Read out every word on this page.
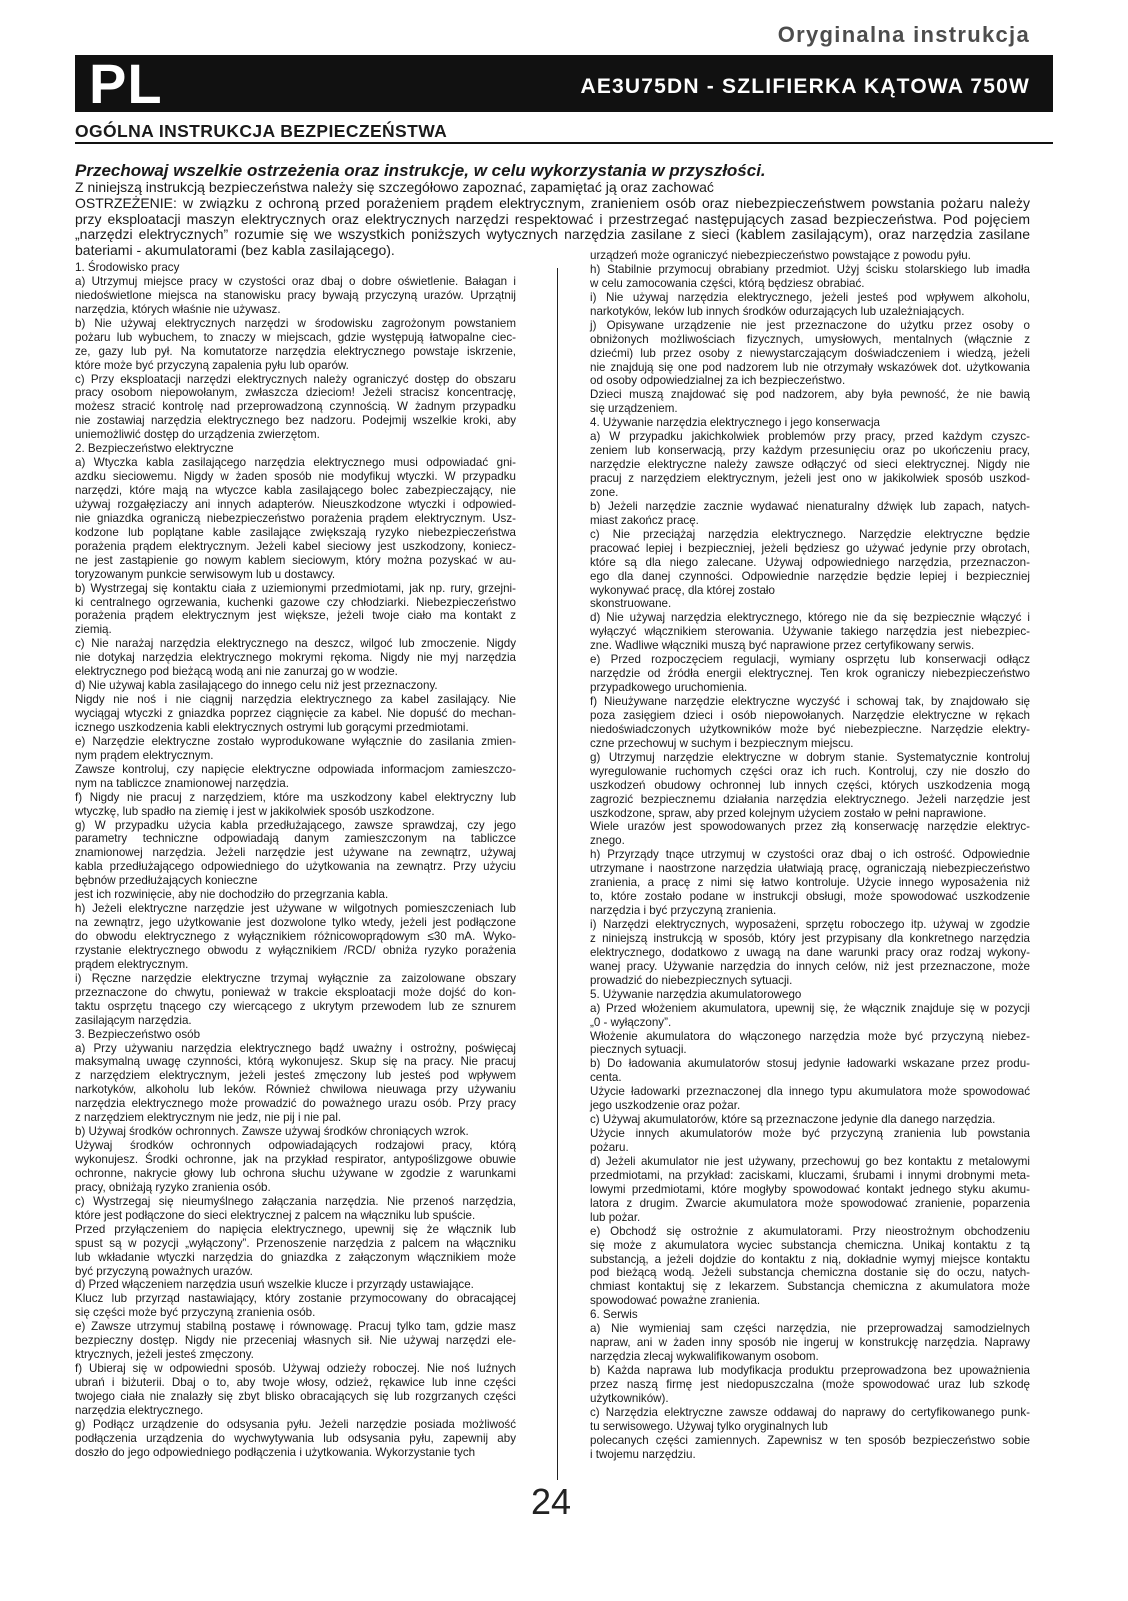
Oryginalna instrukcja
PL	AE3U75DN - SZLIFIERKA KĄTOWA 750W
OGÓLNA INSTRUKCJA BEZPIECZEŃSTWA
Przechowaj wszelkie ostrzeżenia oraz instrukcje, w celu wykorzystania w przyszłości.
Z niniejszą instrukcją bezpieczeństwa należy się szczegółowo zapoznać, zapamiętać ją oraz zachować
OSTRZEŻENIE: w związku z ochroną przed porażeniem prądem elektrycznym, zranieniem osób oraz niebezpieczeństwem powstania pożaru należy
przy eksploatacji maszyn elektrycznych oraz elektrycznych narzędzi respektować i przestrzegać następujących zasad bezpieczeństwa. Pod pojęciem
„narzędzi elektrycznych” rozumie się we wszystkich poniższych wytycznych narzędzia zasilane z sieci (kablem zasilającym), oraz narzędzia zasilane
bateriami - akumulatorami (bez kabla zasilającego).
1. Środowisko pracy
a) Utrzymuj miejsce pracy w czystości oraz dbaj o dobre oświetlenie. Bałagan i
niedoświetlone miejsca na stanowisku pracy bywają przyczyną urazów. Uprzątnij
narzędzia, których właśnie nie używasz.
b) Nie używaj elektrycznych narzędzi w środowisku zagrożonym powstaniem
pożaru lub wybuchem, to znaczy w miejscach, gdzie występują łatwopalne ciec-
ze, gazy lub pył. Na komutatorze narzędzia elektrycznego powstaje iskrzenie,
które może być przyczyną zapalenia pyłu lub oparów.
c) Przy eksploatacji narzędzi elektrycznych należy ograniczyć dostęp do obszaru
pracy osobom niepowołanym, zwłaszcza dzieciom! Jeżeli stracisz koncentrację,
możesz stracić kontrolę nad przeprowadzoną czynnością. W żadnym przypadku
nie zostawiaj narzędzia elektrycznego bez nadzoru. Podejmij wszelkie kroki, aby
uniemożliwić dostęp do urządzenia zwierzętom.
2. Bezpieczeństwo elektryczne
a) Wtyczka kabla zasilającego narzędzia elektrycznego musi odpowiadać gni-
azdku sieciowemu. Nigdy w żaden sposób nie modyfikuj wtyczki. W przypadku
narzędzi, które mają na wtyczce kabla zasilającego bolec zabezpieczający, nie
używaj rozgałęziaczy ani innych adapterów. Nieuszkodzone wtyczki i odpowied-
nie gniazdka ograniczą niebezpieczeństwo porażenia prądem elektrycznym. Usz-
kodzone lub poplątane kable zasilające zwiększają ryzyko niebezpieczeństwa
porażenia prądem elektrycznym. Jeżeli kabel sieciowy jest uszkodzony, koniecz-
ne jest zastąpienie go nowym kablem sieciowym, który można pozyskać w au-
toryzowanym punkcie serwisowym lub u dostawcy.
b) Wystrzegaj się kontaktu ciała z uziemionymi przedmiotami, jak np. rury, grzejni-
ki centralnego ogrzewania, kuchenki gazowe czy chłodziarki. Niebezpieczeństwo
porażenia prądem elektrycznym jest większe, jeżeli twoje ciało ma kontakt z
ziemią.
c) Nie narażaj narzędzia elektrycznego na deszcz, wilgoć lub zmoczenie. Nigdy
nie dotykaj narzędzia elektrycznego mokrymi rękoma. Nigdy nie myj narzędzia
elektrycznego pod bieżącą wodą ani nie zanurzaj go w wodzie.
d) Nie używaj kabla zasilającego do innego celu niż jest przeznaczony.
Nigdy nie noś i nie ciągnij narzędzia elektrycznego za kabel zasilający. Nie
wyciągaj wtyczki z gniazdka poprzez ciągnięcie za kabel. Nie dopuść do mechan-
icznego uszkodzenia kabli elektrycznych ostrymi lub gorącymi przedmiotami.
e) Narzędzie elektryczne zostało wyprodukowane wyłącznie do zasilania zmien-
nym prądem elektrycznym.
Zawsze kontroluj, czy napięcie elektryczne odpowiada informacjom zamieszczo-
nym na tabliczce znamionowej narzędzia.
f) Nigdy nie pracuj z narzędziem, które ma uszkodzony kabel elektryczny lub
wtyczkę, lub spadło na ziemię i jest w jakikolwiek sposób uszkodzone.
g) W przypadku użycia kabla przedłużającego, zawsze sprawdzaj, czy jego
parametry techniczne odpowiadają danym zamieszczonym na tabliczce
znamionowej narzędzia. Jeżeli narzędzie jest używane na zewnątrz, używaj
kabla przedłużającego odpowiedniego do użytkowania na zewnątrz. Przy użyciu
bębnów przedłużających konieczne
jest ich rozwinięcie, aby nie dochodziło do przegrzania kabla.
h) Jeżeli elektryczne narzędzie jest używane w wilgotnych pomieszczeniach lub
na zewnątrz, jego użytkowanie jest dozwolone tylko wtedy, jeżeli jest podłączone
do obwodu elektrycznego z wyłącznikiem różnicowoprądowym ≤30 mA. Wyko-
rzystanie elektrycznego obwodu z wyłącznikiem /RCD/ obniża ryzyko porażenia
prądem elektrycznym.
i) Ręczne narzędzie elektryczne trzymaj wyłącznie za zaizolowane obszary
przeznaczone do chwytu, ponieważ w trakcie eksploatacji może dojść do kon-
taktu osprzętu tnącego czy wiercącego z ukrytym przewodem lub ze sznurem
zasilającym narzędzia.
3. Bezpieczeństwo osób
a) Przy używaniu narzędzia elektrycznego bądź uważny i ostrożny, poświęcaj
maksymalną uwagę czynności, którą wykonujesz. Skup się na pracy. Nie pracuj
z narzędziem elektrycznym, jeżeli jesteś zmęczony lub jesteś pod wpływem
narkotyków, alkoholu lub leków. Również chwilowa nieuwaga przy używaniu
narzędzia elektrycznego może prowadzić do poważnego urazu osób. Przy pracy
z narzędziem elektrycznym nie jedz, nie pij i nie pal.
b) Używaj środków ochronnych. Zawsze używaj środków chroniących wzrok.
Używaj środków ochronnych odpowiadających rodzajowi pracy, którą
wykonujesz. Środki ochronne, jak na przykład respirator, antypoślizgowe obuwie
ochronne, nakrycie głowy lub ochrona słuchu używane w zgodzie z warunkami
pracy, obniżają ryzyko zranienia osób.
c) Wystrzegaj się nieumyślnego załączania narzędzia. Nie przenoś narzędzia,
które jest podłączone do sieci elektrycznej z palcem na włączniku lub spuście.
Przed przyłączeniem do napięcia elektrycznego, upewnij się że włącznik lub
spust są w pozycji „wyłączony”. Przenoszenie narzędzia z palcem na włączniku
lub wkładanie wtyczki narzędzia do gniazdka z załączonym włącznikiem może
być przyczyną poważnych urazów.
d) Przed włączeniem narzędzia usuń wszelkie klucze i przyrządy ustawiające.
Klucz lub przyrząd nastawiający, który zostanie przymocowany do obracającej
się części może być przyczyną zranienia osób.
e) Zawsze utrzymuj stabilną postawę i równowagę. Pracuj tylko tam, gdzie masz
bezpieczny dostęp. Nigdy nie przeceniaj własnych sił. Nie używaj narzędzi ele-
ktrycznych, jeżeli jesteś zmęczony.
f) Ubieraj się w odpowiedni sposób. Używaj odzieży roboczej. Nie noś luźnych
ubrań i biżuterii. Dbaj o to, aby twoje włosy, odzież, rękawice lub inne części
twojego ciała nie znalazły się zbyt blisko obracających się lub rozgrzanych części
narzędzia elektrycznego.
g) Podłącz urządzenie do odsysania pyłu. Jeżeli narzędzie posiada możliwość
podłączenia urządzenia do wychwytywania lub odsysania pyłu, zapewnij aby
doszło do jego odpowiedniego podłączenia i użytkowania. Wykorzystanie tych
urządzeń może ograniczyć niebezpieczeństwo powstające z powodu pyłu.
h) Stabilnie przymocuj obrabiany przedmiot. Użyj ścisku stolarskiego lub imadła
w celu zamocowania części, którą będziesz obrabiać.
i) Nie używaj narzędzia elektrycznego, jeżeli jesteś pod wpływem alkoholu,
narkotyków, leków lub innych środków odurzających lub uzależniających.
j) Opisywane urządzenie nie jest przeznaczone do użytku przez osoby o
obniżonych możliwościach fizycznych, umysłowych, mentalnych (włącznie z
dziećmi) lub przez osoby z niewystarczającym doświadczeniem i wiedzą, jeżeli
nie znajdują się one pod nadzorem lub nie otrzymały wskazówek dot. użytkowania
od osoby odpowiedzialnej za ich bezpieczeństwo.
Dzieci muszą znajdować się pod nadzorem, aby była pewność, że nie bawią
się urządzeniem.
4. Używanie narzędzia elektrycznego i jego konserwacja
a) W przypadku jakichkolwiek problemów przy pracy, przed każdym czyszc-
zeniem lub konserwacją, przy każdym przesunięciu oraz po ukończeniu pracy,
narzędzie elektryczne należy zawsze odłączyć od sieci elektrycznej. Nigdy nie
pracuj z narzędziem elektrycznym, jeżeli jest ono w jakikolwiek sposób uszkod-
zone.
b) Jeżeli narzędzie zacznie wydawać nienaturalny dźwięk lub zapach, natych-
miast zakończ pracę.
c) Nie przeciążaj narzędzia elektrycznego. Narzędzie elektryczne będzie
pracować lepiej i bezpieczniej, jeżeli będziesz go używać jedynie przy obrotach,
które są dla niego zalecane. Używaj odpowiedniego narzędzia, przeznaczon-
ego dla danej czynności. Odpowiednie narzędzie będzie lepiej i bezpieczniej
wykonywać pracę, dla której zostało
skonstruowane.
d) Nie używaj narzędzia elektrycznego, którego nie da się bezpiecznie włączyć i
wyłączyć włącznikiem sterowania. Używanie takiego narzędzia jest niebezpiec-
zne. Wadliwe włączniki muszą być naprawione przez certyfikowany serwis.
e) Przed rozpoczęciem regulacji, wymiany osprzętu lub konserwacji odłącz
narzędzie od źródła energii elektrycznej. Ten krok ograniczy niebezpieczeństwo
przypadkowego uruchomienia.
f) Nieużywane narzędzie elektryczne wyczyść i schowaj tak, by znajdowało się
poza zasięgiem dzieci i osób niepowołanych. Narzędzie elektryczne w rękach
niedoświadczonych użytkowników może być niebezpieczne. Narzędzie elektry-
czne przechowuj w suchym i bezpiecznym miejscu.
g) Utrzymuj narzędzie elektryczne w dobrym stanie. Systematycznie kontroluj
wyregulowanie ruchomych części oraz ich ruch. Kontroluj, czy nie doszło do
uszkodzeń obudowy ochronnej lub innych części, których uszkodzenia mogą
zagrozić bezpiecznemu działania narzędzia elektrycznego. Jeżeli narzędzie jest
uszkodzone, spraw, aby przed kolejnym użyciem zostało w pełni naprawione.
Wiele urazów jest spowodowanych przez złą konserwację narzędzie elektryc-
znego.
h) Przyrządy tnące utrzymuj w czystości oraz dbaj o ich ostrość. Odpowiednie
utrzymane i naostrzone narzędzia ułatwiają pracę, ograniczają niebezpieczeństwo
zranienia, a pracę z nimi się łatwo kontroluje. Użycie innego wyposażenia niż
to, które zostało podane w instrukcji obsługi, może spowodować uszkodzenie
narzędzia i być przyczyną zranienia.
i) Narzędzi elektrycznych, wyposażeni, sprzętu roboczego itp. używaj w zgodzie
z niniejszą instrukcją w sposób, który jest przypisany dla konkretnego narzędzia
elektrycznego, dodatkowo z uwagą na dane warunki pracy oraz rodzaj wykony-
wanej pracy. Używanie narzędzia do innych celów, niż jest przeznaczone, może
prowadzić do niebezpiecznych sytuacji.
5. Używanie narzędzia akumulatorowego
a) Przed włożeniem akumulatora, upewnij się, że włącznik znajduje się w pozycji
„0 - wyłączony”.
Włożenie akumulatora do włączonego narzędzia może być przyczyną niebez-
piecznych sytuacji.
b) Do ładowania akumulatorów stosuj jedynie ładowarki wskazane przez produ-
centa.
Użycie ładowarki przeznaczonej dla innego typu akumulatora może spowodować
jego uszkodzenie oraz pożar.
c) Używaj akumulatorów, które są przeznaczone jedynie dla danego narzędzia.
Użycie innych akumulatorów może być przyczyną zranienia lub powstania
pożaru.
d) Jeżeli akumulator nie jest używany, przechowuj go bez kontaktu z metalowymi
przedmiotami, na przykład: zaciskami, kluczami, śrubami i innymi drobnymi meta-
lowymi przedmiotami, które mogłyby spowodować kontakt jednego styku akumu-
latora z drugim. Zwarcie akumulatora może spowodować zranienie, poparzenia
lub pożar.
e) Obchodź się ostrożnie z akumulatorami. Przy nieostrożnym obchodzeniu
się może z akumulatora wyciec substancja chemiczna. Unikaj kontaktu z tą
substancją, a jeżeli dojdzie do kontaktu z nią, dokładnie wymyj miejsce kontaktu
pod bieżącą wodą. Jeżeli substancja chemiczna dostanie się do oczu, natych-
chmiast kontaktuj się z lekarzem. Substancja chemiczna z akumulatora może
spowodować poważne zranienia.
6. Serwis
a) Nie wymieniaj sam części narzędzia, nie przeprowadzaj samodzielnych
napraw, ani w żaden inny sposób nie ingeruj w konstrukcję narzędzia. Naprawy
narzędzia zlecaj wykwalifikowanym osobom.
b) Każda naprawa lub modyfikacja produktu przeprowadzona bez upoważnienia
przez naszą firmę jest niedopuszczalna (może spowodować uraz lub szkodę
użytkowników).
c) Narzędzia elektryczne zawsze oddawaj do naprawy do certyfikowanego punk-
tu serwisowego. Używaj tylko oryginalnych lub
polecanych części zamiennych. Zapewnisz w ten sposób bezpieczeństwo sobie
i twojemu narzędziu.
24
